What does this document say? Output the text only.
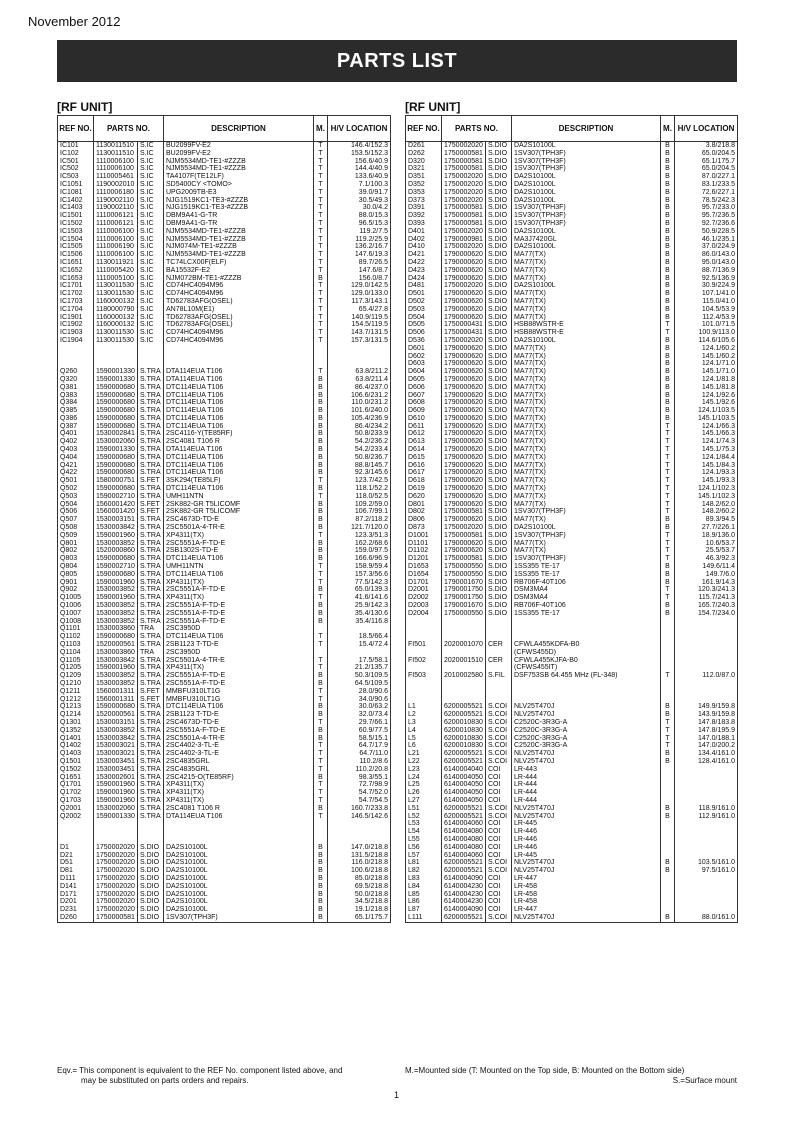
November 2012
PARTS LIST
[RF UNIT]
REF NO.	PARTS NO.		DESCRIPTION	M.	H/V LOCATION
IC101	1130011510	S.IC	BU2099FV-E2	T	146.4/152.3
IC102	1130011510	S.IC	BU2099FV-E2	T	153.5/152.3
IC501	1110006100	S.IC	NJM5534MD-TE1-#ZZZB	T	156.6/40.9
IC502	1110006100	S.IC	NJM5534MD-TE1-#ZZZB	T	144.4/40.9
IC503	1110005461	S.IC	TA4107F(TE12LF)	T	133.6/40.9
IC1051	1190002010	S.IC	SD5400CY <TOMO>	T	7.1/100.3
IC1081	1110006180	S.IC	UPG2009TB-E3	T	39.0/91.7
IC1402	1190002110	S.IC	NJG1519KC1-TE3-#ZZZB	T	30.5/49.3
IC1403	1190002110	S.IC	NJG1519KC1-TE3-#ZZZB	T	30.0/4.2
IC1501	1110006121	S.IC	DBM9A41-G-TR	T	88.0/15.3
IC1502	1110006121	S.IC	DBM9A41-G-TR	T	96.5/15.3
IC1503	1110006100	S.IC	NJM5534MD-TE1-#ZZZB	T	119.2/7.5
IC1504	1110006100	S.IC	NJM5534MD-TE1-#ZZZB	T	119.2/25.9
IC1505	1110006190	S.IC	NJM074M-TE1-#ZZZB	T	136.2/16.7
IC1506	1110006100	S.IC	NJM5534MD-TE1-#ZZZB	T	147.6/19.3
IC1651	1130011921	S.IC	TC74LCX00F(ELF)	T	89.7/26.5
IC1652	1110005420	S.IC	BA15532F-E2	T	147.6/8.7
IC1653	1110005100	S.IC	NJM072BM-TE1-#ZZZB	B	156.0/8.7
IC1701	1130011530	S.IC	CD74HC4094M96	T	129.0/142.5
IC1702	1130011530	S.IC	CD74HC4094M96	T	129.0/133.0
IC1703	1160000132	S.IC	TD62783AFG(OSEL)	T	117.3/143.1
IC1704	1180000790	S.IC	AN78L10M(E1)	T	65.4/27.8
IC1901	1160000132	S.IC	TD62783AFG(OSEL)	T	140.9/119.5
IC1902	1160000132	S.IC	TD62783AFG(OSEL)	T	154.5/119.5
IC1903	1130011530	S.IC	CD74HC4094M96	T	143.7/131.5
IC1904	1130011530	S.IC	CD74HC4094M96	T	157.3/131.5

Q260	1590001330	S.TRA	DTA114EUA T106	T	63.8/211.2
Q320	1590001330	S.TRA	DTA114EUA T106	B	63.8/211.4
Q381	1590000680	S.TRA	DTC114EUA T106	B	86.4/237.0
Q383	1590000680	S.TRA	DTC114EUA T106	B	106.6/231.2
Q384	1590000680	S.TRA	DTC114EUA T106	B	110.0/231.2
Q385	1590000680	S.TRA	DTC114EUA T106	B	101.6/240.0
Q386	1590000680	S.TRA	DTC114EUA T106	B	105.4/236.9
Q387	1590000680	S.TRA	DTC114EUA T106	B	86.4/234.2
Q401	1530002841	S.TRA	2SC4116-Y(TE85RF)	B	50.8/233.9
Q402	1530002060	S.TRA	2SC4081 T106 R	B	54.2/236.2
Q403	1590001330	S.TRA	DTA114EUA T106	B	54.2/233.4
Q404	1590000680	S.TRA	DTC114EUA T106	B	50.8/236.7
Q421	1590000680	S.TRA	DTC114EUA T106	B	88.8/145.7
Q422	1590000680	S.TRA	DTC114EUA T106	B	92.3/145.6
Q501	1580000751	S.FET	3SK294(TE85LF)	T	123.7/42.5
Q502	1590000680	S.TRA	DTC114EUA T106	B	118.1/52.2
Q503	1590002710	S.TRA	UMH11NTN	T	118.0/52.5
Q504	1560001420	S.FET	2SK882-GR T5LICOMF	B	109.2/59.0
Q506	1560001420	S.FET	2SK882-GR T5LICOMF	B	106.7/99.1
Q507	1530003151	S.TRA	2SC4673D-TD-E	B	87.2/118.2
Q508	1530003842	S.TRA	2SC5501A-4-TR-E	B	121.7/120.0
Q509	1590001960	S.TRA	XP4311(TX)	T	123.3/51.3
Q801	1530003852	S.TRA	2SC5551A-F-TD-E	B	162.2/68.6
Q802	1520000860	S.TRA	2SB1302S-TD-E	B	159.0/97.5
Q803	1590000680	S.TRA	DTC114EUA T106	B	166.6/96.9
Q804	1590002710	S.TRA	UMH11NTN	T	158.9/59.4
Q805	1590000680	S.TRA	DTC114EUA T106	T	157.3/56.6
Q901	1590001960	S.TRA	XP4311(TX)	T	77.5/142.3
Q902	1530003852	S.TRA	2SC5551A-F-TD-E	B	65.0/139.3
Q1005	1590001960	S.TRA	XP4311(TX)	T	41.6/141.6
Q1006	1530003852	S.TRA	2SC5551A-F-TD-E	B	25.9/142.3
Q1007	1530003852	S.TRA	2SC5551A-F-TD-E	B	35.4/130.6
Q1008	1530003852	S.TRA	2SC5551A-F-TD-E	B	35.4/116.8
Q1101	1530003860	TRA	2SC3950D		
Q1102	1590000680	S.TRA	DTC114EUA T106	T	18.5/66.4
Q1103	1520000561	S.TRA	2SB1123 T-TD-E	T	15.4/72.4
Q1104	1530003860	TRA	2SC3950D		
Q1105	1530003842	S.TRA	2SC5501A-4-TR-E	T	17.5/58.1
Q1205	1590001960	S.TRA	XP4311(TX)	T	21.2/135.7
Q1209	1530003852	S.TRA	2SC5551A-F-TD-E	B	50.3/109.5
Q1210	1530003852	S.TRA	2SC5551A-F-TD-E	B	64.5/109.5
Q1211	1560001311	S.FET	MMBFU310LT1G	T	28.0/90.6
Q1212	1560001311	S.FET	MMBFU310LT1G	T	34.0/90.6
Q1213	1590000680	S.TRA	DTC114EUA T106	B	30.0/63.2
Q1214	1520000561	S.TRA	2SB1123 T-TD-E	B	32.0/73.4
Q1301	1530003151	S.TRA	2SC4673D-TD-E	T	29.7/66.1
Q1352	1530003852	S.TRA	2SC5551A-F-TD-E	B	60.9/77.5
Q1401	1530003842	S.TRA	2SC5501A-4-TR-E	B	58.5/15.1
Q1402	1530003021	S.TRA	2SC4402-3-TL-E	T	64.7/17.9
Q1403	1530003021	S.TRA	2SC4402-3-TL-E	T	64.7/11.0
Q1501	1530003451	S.TRA	2SC4835GRL	T	110.2/8.6
Q1502	1530003451	S.TRA	2SC4835GRL	T	110.2/20.8
Q1651	1530002601	S.TRA	2SC4215-O(TE85RF)	B	98.3/55.1
Q1701	1590001960	S.TRA	XP4311(TX)	T	72.7/98.9
Q1702	1590001960	S.TRA	XP4311(TX)	T	54.7/52.0
Q1703	1590001960	S.TRA	XP4311(TX)	T	54.7/54.5
Q2001	1530002060	S.TRA	2SC4081 T106 R	B	160.7/233.8
Q2002	1590001330	S.TRA	DTA114EUA T106	T	146.5/142.6

D1	1750002020	S.DIO	DA2S10100L	B	147.0/218.8
D21	1750002020	S.DIO	DA2S10100L	B	131.5/218.8
D51	1750002020	S.DIO	DA2S10100L	B	116.0/218.8
D81	1750002020	S.DIO	DA2S10100L	B	100.6/218.8
D111	1750002020	S.DIO	DA2S10100L	B	85.0/218.8
D141	1750002020	S.DIO	DA2S10100L	B	69.5/218.8
D171	1750002020	S.DIO	DA2S10100L	B	50.0/218.8
D201	1750002020	S.DIO	DA2S10100L	B	34.5/218.8
D231	1750002020	S.DIO	DA2S10100L	B	19.1/218.8
D260	1750000581	S.DIO	1SV307(TPH3F)	B	65.1/175.7
[RF UNIT]
REF NO.	PARTS NO.		DESCRIPTION	M.	H/V LOCATION
D261	1750002020	S.DIO	DA2S10100L	B	3.8/218.8
D262	1750000581	S.DIO	1SV307(TPH3F)	B	65.0/204.5
D320	1750000581	S.DIO	1SV307(TPH3F)	B	65.1/175.7
D321	1750000581	S.DIO	1SV307(TPH3F)	B	65.0/204.5
D351	1750002020	S.DIO	DA2S10100L	B	87.0/227.1
D352	1750002020	S.DIO	DA2S10100L	B	83.1/233.5
D353	1750002020	S.DIO	DA2S10100L	B	72.6/227.1
D373	1750002020	S.DIO	DA2S10100L	B	78.5/242.3
D391	1750000581	S.DIO	1SV307(TPH3F)	B	95.7/233.0
D392	1750000581	S.DIO	1SV307(TPH3F)	B	95.7/236.5
D393	1750000581	S.DIO	1SV307(TPH3F)	B	92.7/236.6
D401	1750002020	S.DIO	DA2S10100L	B	50.9/228.5
D402	1790000981	S.DIO	MA3J7420GL	B	46.1/235.1
D410	1750002020	S.DIO	DA2S10100L	B	37.0/224.9
D421	1790000620	S.DIO	MA77(TX)	B	86.0/143.0
D422	1790000620	S.DIO	MA77(TX)	B	95.0/143.0
D423	1790000620	S.DIO	MA77(TX)	B	88.7/136.9
D424	1790000620	S.DIO	MA77(TX)	B	92.5/136.9
D481	1750002020	S.DIO	DA2S10100L	B	30.9/224.9
D501	1790000620	S.DIO	MA77(TX)	B	107.1/41.0
D502	1790000620	S.DIO	MA77(TX)	B	115.0/41.0
D503	1790000620	S.DIO	MA77(TX)	B	104.5/53.9
D504	1790000620	S.DIO	MA77(TX)	B	112.4/53.9
D505	1750000431	S.DIO	HSB88WSTR-E	T	101.0/71.5
D506	1750000431	S.DIO	HSB88WSTR-E	T	100.9/113.0
D536	1750002020	S.DIO	DA2S10100L	B	114.6/105.6
D601	1790000620	S.DIO	MA77(TX)	B	124.1/60.2
D602	1790000620	S.DIO	MA77(TX)	B	145.1/60.2
D603	1790000620	S.DIO	MA77(TX)	B	124.1/71.0
D604	1790000620	S.DIO	MA77(TX)	B	145.1/71.0
D605	1790000620	S.DIO	MA77(TX)	B	124.1/81.8
D606	1790000620	S.DIO	MA77(TX)	B	145.1/81.8
D607	1790000620	S.DIO	MA77(TX)	B	124.1/92.6
D608	1790000620	S.DIO	MA77(TX)	B	145.1/92.6
D609	1790000620	S.DIO	MA77(TX)	B	124.1/103.5
D610	1790000620	S.DIO	MA77(TX)	B	145.1/103.5
D611	1790000620	S.DIO	MA77(TX)	T	124.1/66.3
D612	1790000620	S.DIO	MA77(TX)	T	145.1/66.3
D613	1790000620	S.DIO	MA77(TX)	T	124.1/74.3
D614	1790000620	S.DIO	MA77(TX)	T	145.1/75.3
D615	1790000620	S.DIO	MA77(TX)	T	124.1/84.4
D616	1790000620	S.DIO	MA77(TX)	T	145.1/84.3
D617	1790000620	S.DIO	MA77(TX)	T	124.1/93.3
D618	1790000620	S.DIO	MA77(TX)	T	145.1/93.3
D619	1790000620	S.DIO	MA77(TX)	T	124.1/102.3
D620	1790000620	S.DIO	MA77(TX)	T	145.1/102.3
D801	1790000620	S.DIO	MA77(TX)	T	148.2/62.0
D802	1750000581	S.DIO	1SV307(TPH3F)	T	148.2/60.2
D806	1790000620	S.DIO	MA77(TX)	B	89.3/94.5
D873	1750002020	S.DIO	DA2S10100L	B	27.7/226.1
D1001	1750000581	S.DIO	1SV307(TPH3F)	T	18.9/136.0
D1101	1790000620	S.DIO	MA77(TX)	T	10.6/53.7
D1102	1790000620	S.DIO	MA77(TX)	T	25.5/53.7
D1201	1750000581	S.DIO	1SV307(TPH3F)	T	46.3/92.3
D1653	1750000550	S.DIO	1SS355 TE-17	B	149.6/11.4
D1654	1750000550	S.DIO	1SS355 TE-17	B	149.7/6.0
D1701	1790001670	S.DIO	RB706F-40T106	B	161.9/14.3
D2001	1790001750	S.DIO	DSM3MA4	T	120.3/241.3
D2002	1790001750	S.DIO	DSM3MA4	T	115.7/241.3
D2003	1790001670	S.DIO	RB706F-40T106	B	165.7/240.3
D2004	1750000550	S.DIO	1SS355 TE-17	B	154.7/234.0

FI501	2020001070	CER	CFWLA455KDFA-B0		
			(CFWS455D)		
FI502	2020001510	CER	CFWLA455KJFA-B0		
			(CFWS455IT)		
FI503	2010002580	S.FIL	DSF753SB 64.455 MHz (FL-348)	T	112.0/87.0

L1	6200005521	S.COI	NLV25T470J	B	149.9/159.8
L2	6200005521	S.COI	NLV25T470J	B	143.9/159.8
L3	6200010830	S.COI	C2520C-3R3G-A	T	147.8/183.8
L4	6200010830	S.COI	C2520C-3R3G-A	T	147.8/195.9
L5	6200010830	S.COI	C2520C-3R3G-A	T	147.0/188.1
L6	6200010830	S.COI	C2520C-3R3G-A	T	147.0/200.2
L21	6200005521	S.COI	NLV25T470J	B	134.4/161.0
L22	6200005521	S.COI	NLV25T470J	B	128.4/161.0
L23	6140004040	COI	LR-443		
L24	6140004050	COI	LR-444		
L25	6140004050	COI	LR-444		
L26	6140004050	COI	LR-444		
L27	6140004050	COI	LR-444		
L51	6200005521	S.COI	NLV25T470J	B	118.9/161.0
L52	6200005521	S.COI	NLV25T470J	B	112.9/161.0
L53	6140004060	COI	LR-445		
L54	6140004080	COI	LR-446		
L55	6140004080	COI	LR-446		
L56	6140004080	COI	LR-446		
L57	6140004060	COI	LR-445		
L81	6200005521	S.COI	NLV25T470J	B	103.5/161.0
L82	6200005521	S.COI	NLV25T470J	B	97.5/161.0
L83	6140004090	COI	LR-447		
L84	6140004230	COI	LR-458		
L85	6140004230	COI	LR-458		
L86	6140004230	COI	LR-458		
L87	6140004090	COI	LR-447		
L111	6200005521	S.COI	NLV25T470J	B	88.0/161.0
Eqv.= This component is equivalent to the REF No. component listed above, and
may be substituted on parts orders and repairs.
M.=Mounted side (T: Mounted on the Top side, B: Mounted on the Bottom side)
S.=Surface mount
1
